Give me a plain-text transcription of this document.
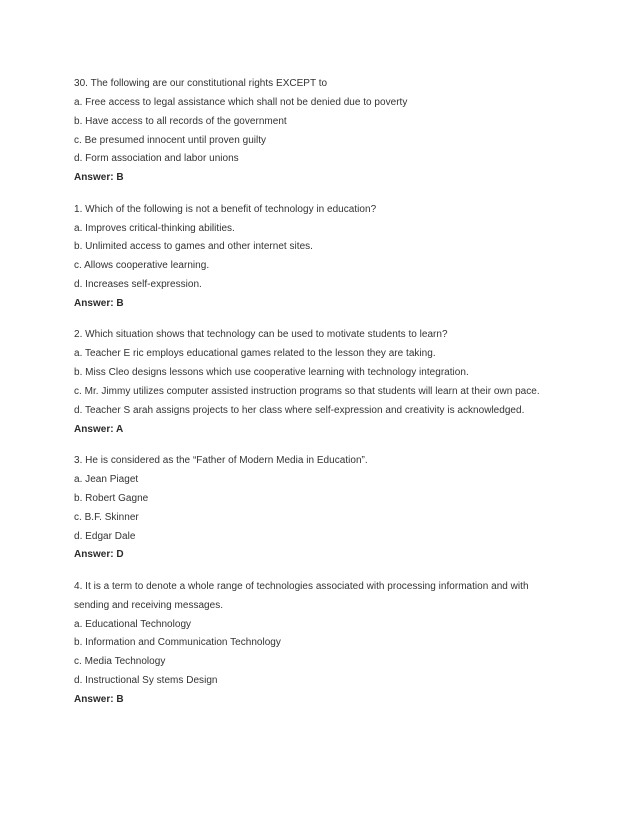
30. The following are our constitutional rights EXCEPT to
a. Free access to legal assistance which shall not be denied due to poverty
b. Have access to all records of the government
c. Be presumed innocent until proven guilty
d. Form association and labor unions
Answer: B
1. Which of the following is not a benefit of technology in education?
a. Improves critical-thinking abilities.
b. Unlimited access to games and other internet sites.
c. Allows cooperative learning.
d. Increases self-expression.
Answer: B
2. Which situation shows that technology can be used to motivate students to learn?
a. Teacher E ric employs educational games related to the lesson they are taking.
b. Miss Cleo designs lessons which use cooperative learning with technology integration.
c. Mr. Jimmy utilizes computer assisted instruction programs so that students will learn at their own pace.
d. Teacher S arah assigns projects to her class where self-expression and creativity is acknowledged.
Answer: A
3. He is considered as the “Father of Modern Media in Education”.
a. Jean Piaget
b. Robert Gagne
c. B.F. Skinner
d. Edgar Dale
Answer: D
4. It is a term to denote a whole range of technologies associated with processing information and with
sending and receiving messages.
a. Educational Technology
b. Information and Communication Technology
c. Media Technology
d. Instructional Sy stems Design
Answer: B
